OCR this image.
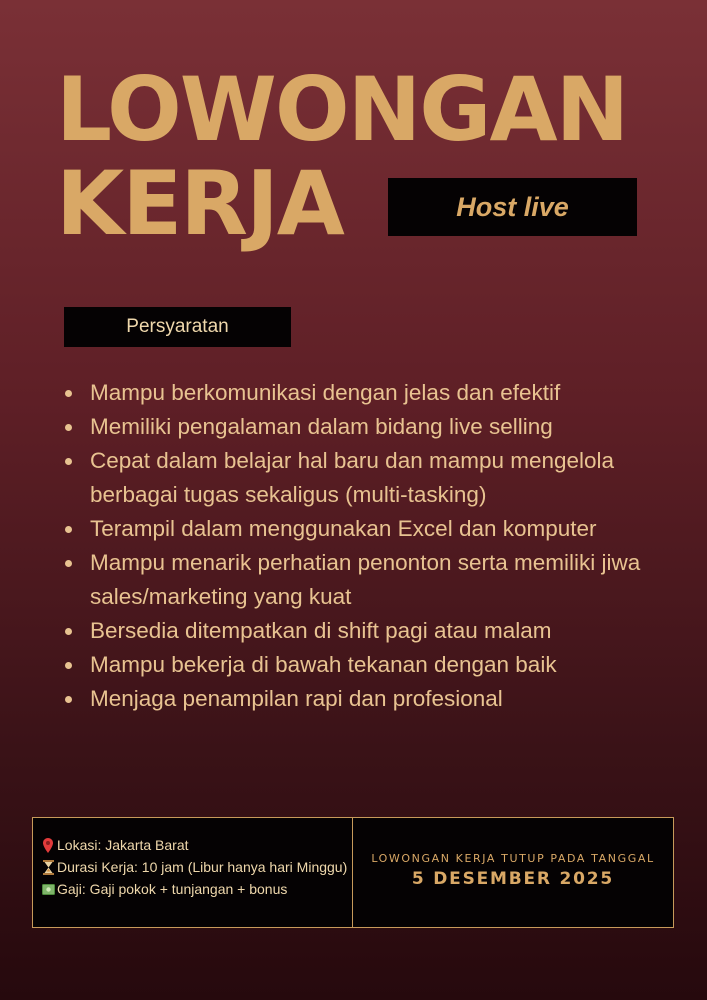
LOWONGAN
KERJA	Host live
Persyaratan
Mampu berkomunikasi dengan jelas dan efektif
Memiliki pengalaman dalam bidang live selling
Cepat dalam belajar hal baru dan mampu mengelola berbagai tugas sekaligus (multi-tasking)
Terampil dalam menggunakan Excel dan komputer
Mampu menarik perhatian penonton serta memiliki jiwa sales/marketing yang kuat
Bersedia ditempatkan di shift pagi atau malam
Mampu bekerja di bawah tekanan dengan baik
Menjaga penampilan rapi dan profesional
Lokasi: Jakarta Barat
Durasi Kerja: 10 jam (Libur hanya hari Minggu)
Gaji: Gaji pokok + tunjangan + bonus
LOWONGAN KERJA TUTUP PADA TANGGAL
5 DESEMBER 2025
